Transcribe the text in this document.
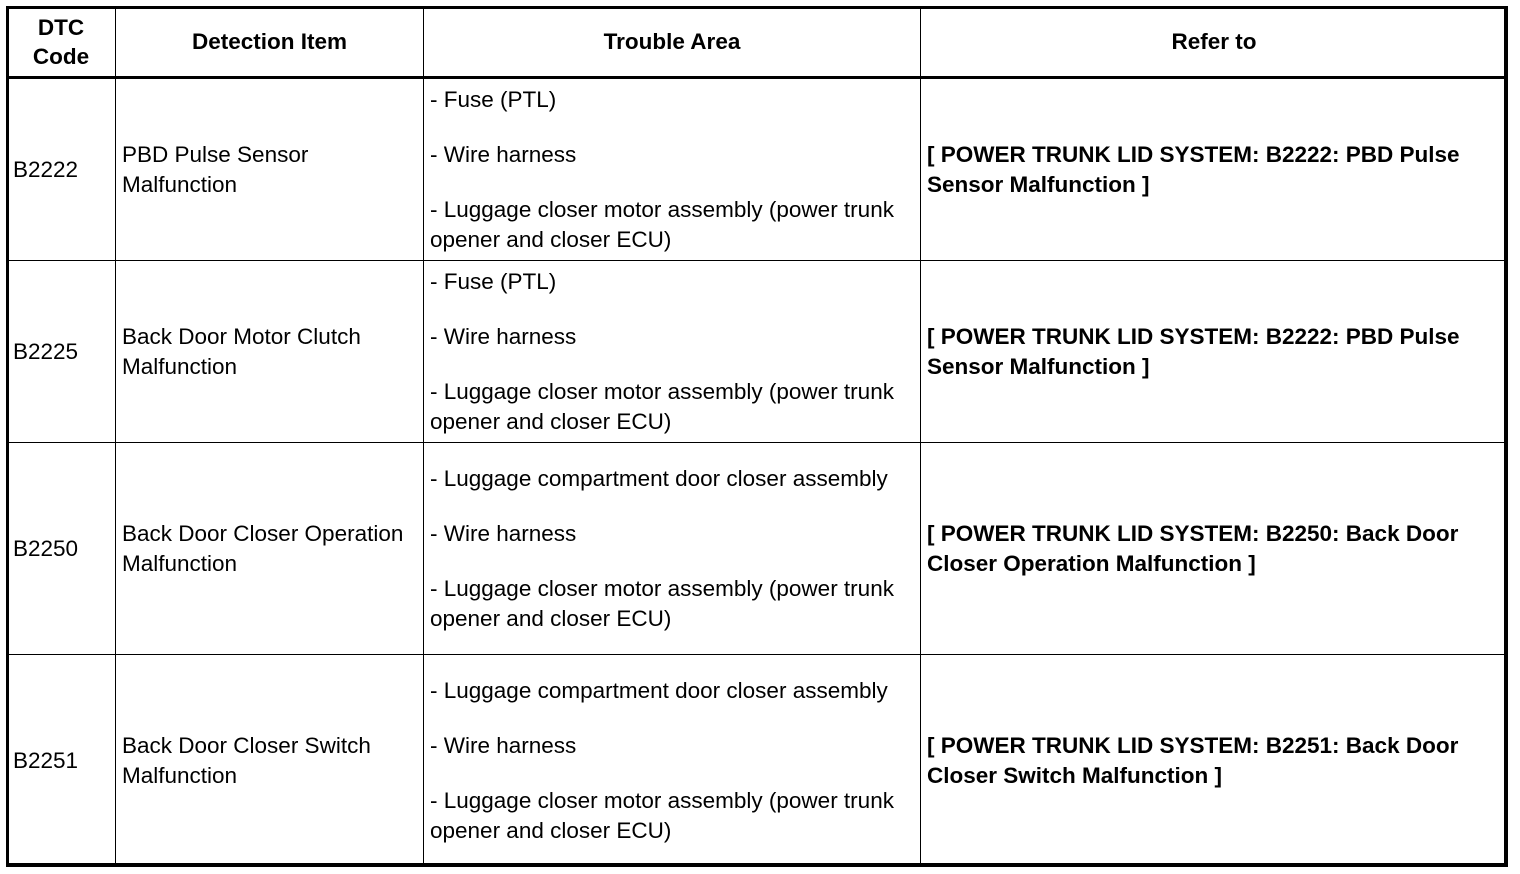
DTC Code	Detection Item	Trouble Area	Refer to
B2222	PBD Pulse Sensor Malfunction	- Fuse (PTL)
- Wire harness
- Luggage closer motor assembly (power trunk opener and closer ECU)	[ POWER TRUNK LID SYSTEM: B2222: PBD Pulse Sensor Malfunction ]
B2225	Back Door Motor Clutch Malfunction	- Fuse (PTL)
- Wire harness
- Luggage closer motor assembly (power trunk opener and closer ECU)	[ POWER TRUNK LID SYSTEM: B2222: PBD Pulse Sensor Malfunction ]
B2250	Back Door Closer Operation Malfunction	- Luggage compartment door closer assembly
- Wire harness
- Luggage closer motor assembly (power trunk opener and closer ECU)	[ POWER TRUNK LID SYSTEM: B2250: Back Door Closer Operation Malfunction ]
B2251	Back Door Closer Switch Malfunction	- Luggage compartment door closer assembly
- Wire harness
- Luggage closer motor assembly (power trunk opener and closer ECU)	[ POWER TRUNK LID SYSTEM: B2251: Back Door Closer Switch Malfunction ]
